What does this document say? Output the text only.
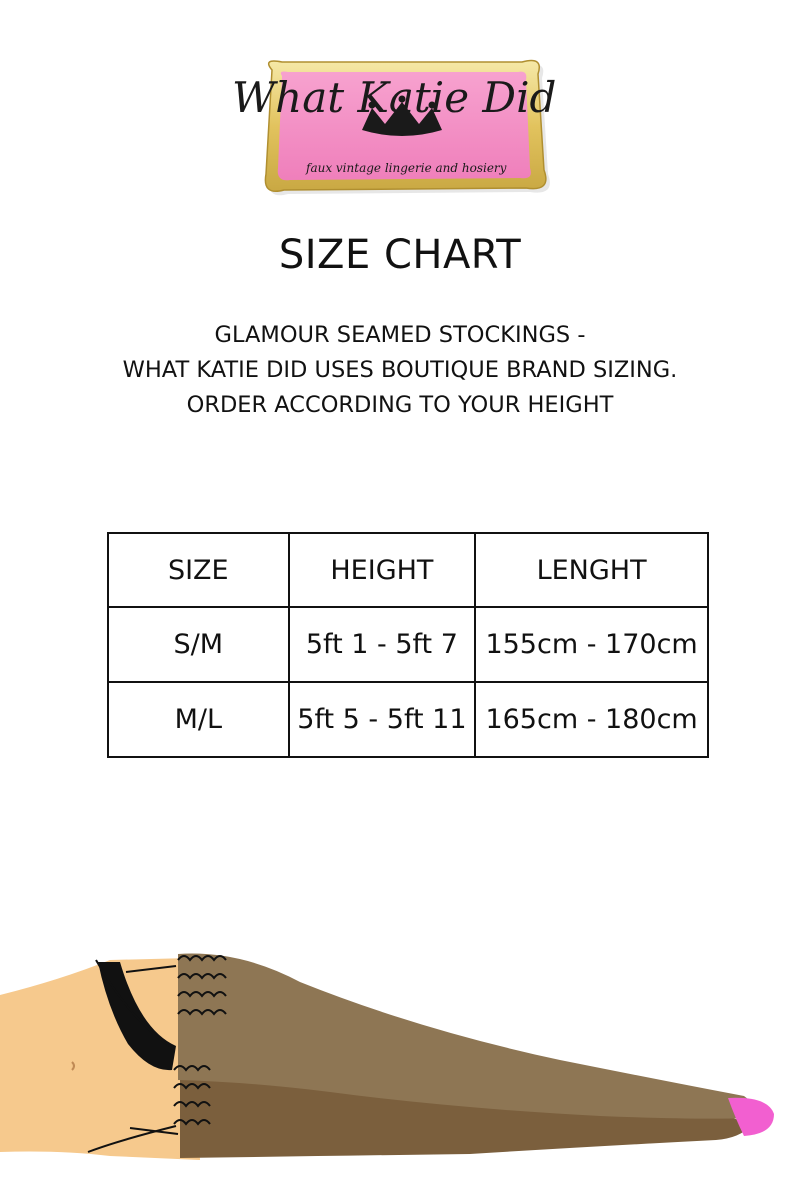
What Katie Did
faux vintage lingerie and hosiery
SIZE CHART
GLAMOUR SEAMED STOCKINGS -
WHAT KATIE DID USES BOUTIQUE BRAND SIZING.
ORDER ACCORDING TO YOUR HEIGHT
SIZE	HEIGHT	LENGHT
S/M	5ft 1 - 5ft 7	155cm - 170cm
M/L	5ft 5 - 5ft 11	165cm - 180cm
